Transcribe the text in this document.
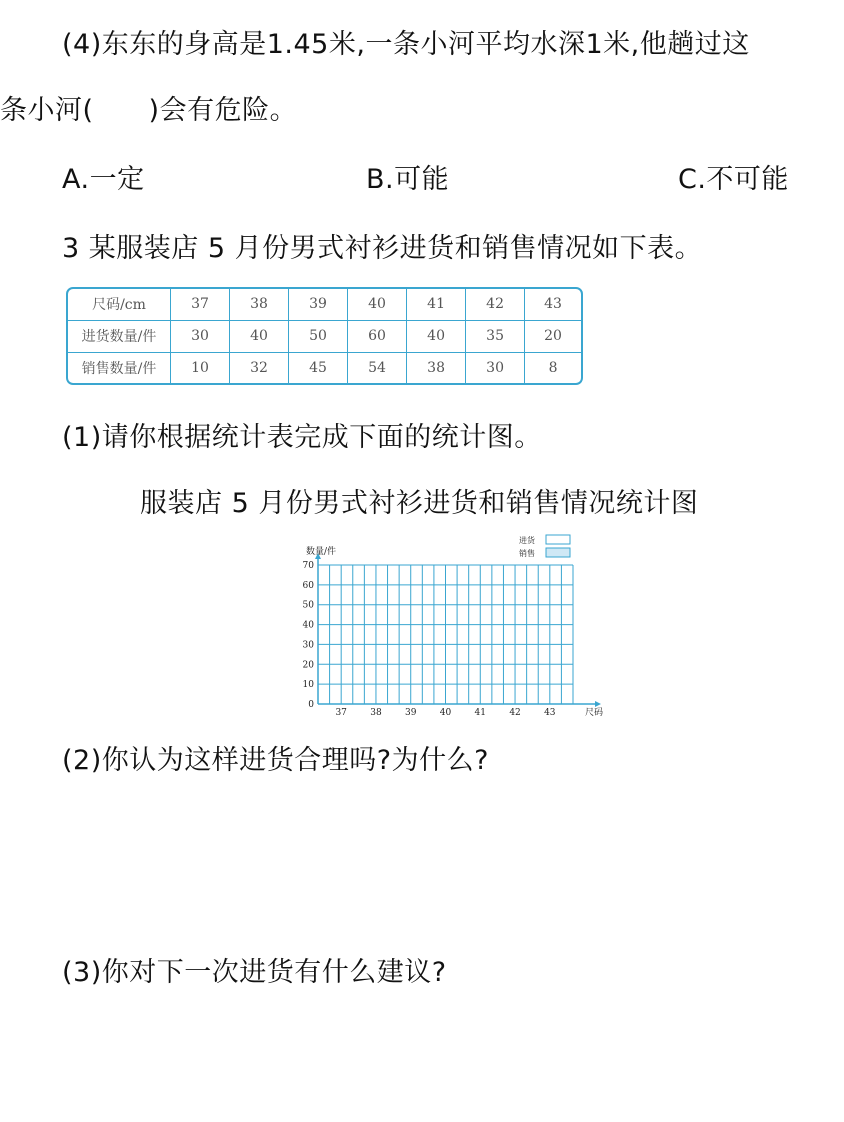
(4)东东的身高是1.45米,一条小河平均水深1米,他趟过这
条小河(　　)会有危险。
A.一定	B.可能	C.不可能
3 某服装店 5 月份男式衬衫进货和销售情况如下表。
尺码/cm	37	38	39	40	41	42	43
进货数量/件	30	40	50	60	40	35	20
销售数量/件	10	32	45	54	38	30	8
(1)请你根据统计表完成下面的统计图。
服装店 5 月份男式衬衫进货和销售情况统计图
0
10
20
30
40
50
60
70
37	38	39	40	41	42	43	尺码
数量/件
进货
销售
(2)你认为这样进货合理吗?为什么?
(3)你对下一次进货有什么建议?
